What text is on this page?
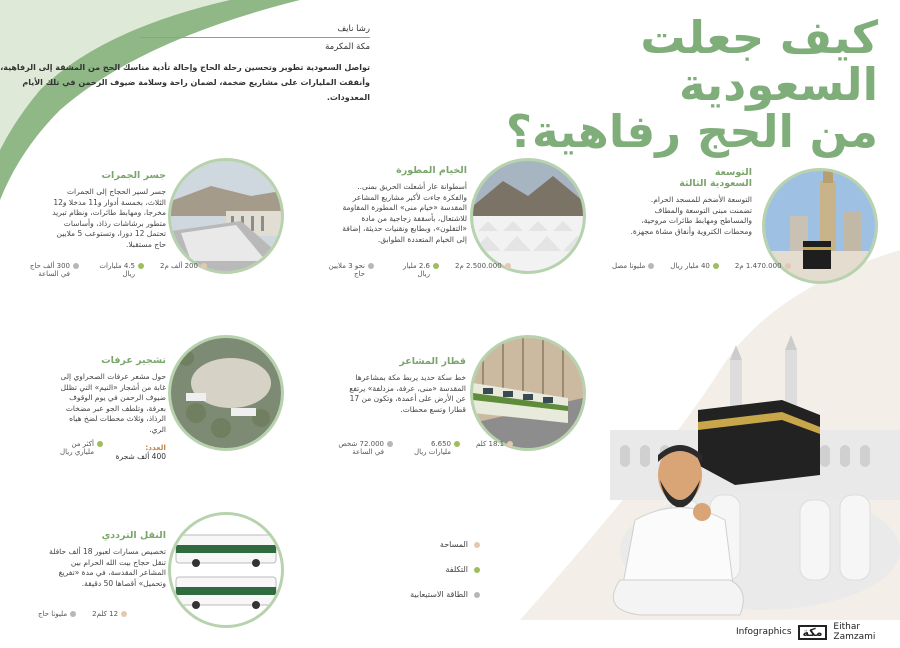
كيف جعلت السعودية
من الحج رفاهية؟
رشا نايف
مكة المكرمة
تواصل السعودية تطوير وتحسين رحلة الحاج وإحالة تأدية مناسك الحج من المشقة إلى الرفاهية، وأنفقت المليارات على مشاريع ضخمة، لضمان راحة وسلامة ضيوف الرحمن في تلك الأيام المعدودات.
التوسعة
السعودية الثالثة
التوسعة الأضخم للمسجد الحرام. تضمنت مبنى التوسعة والمطاف والمساطح ومهابط طائرات مروحية، ومحطات الكتروية وأنفاق مشاة مجهزة.
1.470.000 م2
40 مليار ريال
مليونا مصل
الخيام المطورة
أسطوانة عار أشعلت الحريق بمنى.. والفكرة جاءت لأكبر مشاريع المشاعر المقدسة «خيام منى» المطورة المقاومة للاشتعال، بأسقفة زجاجية من مادة «التفلون»، وبطابع ونقنيات حديثة، إضافة إلى الخيام المتعددة الطوابق.
2.500.000 م2
2.6 مليار ريال
نحو 3 ملايين حاج
جسر الجمرات
جسر لسير الحجاج إلى الجمرات الثلاث، بخمسة أدوار و11 مدخلا و12 مخرجا، ومهابط طائرات، ونظام تبريد متطور برشاشات رذاذ، وأساسات تحتمل 12 دورا، وتستوعب 5 ملايين حاج مستقبلا.
200 ألف م2
4.5 مليارات ريال
300 ألف حاج في الساعة
قطار المشاعر
خط سكة حديد يربط مكة بمشاعرها المقدسة «منى، عرفة، مزدلفة» يرتفع عن الأرض على أعمدة، وتكون من 17 قطارا وتسع محطات.
18.1 كلم
6.650 مليارات ريال
72.000 شخص في الساعة
تشجير عرفات
حول مشعر عرفات الصحراوي إلى غابة من أشجار «النيم» التي تظلل ضيوف الرحمن في يوم الوقوف بعرفة، وتلطف الجو عبر مضخات الرذاذ، وثلاث محطات لضخ هياه الري.
العدد:
400 ألف شجرة
أكثر من ملياري ريال
النقل الترددي
تخصيص مسارات لعبور 18 ألف حافلة تنقل حجاج بيت الله الحرام بين المشاعر المقدسة، في مدة «تفريغ وتحميل» أقصاها 50 دقيقة.
12 كلم2
مليونا حاج
المساحة
التكلفة
الطاقة الاستيعابية
Infographics	مكة	Eithar Zamzami
